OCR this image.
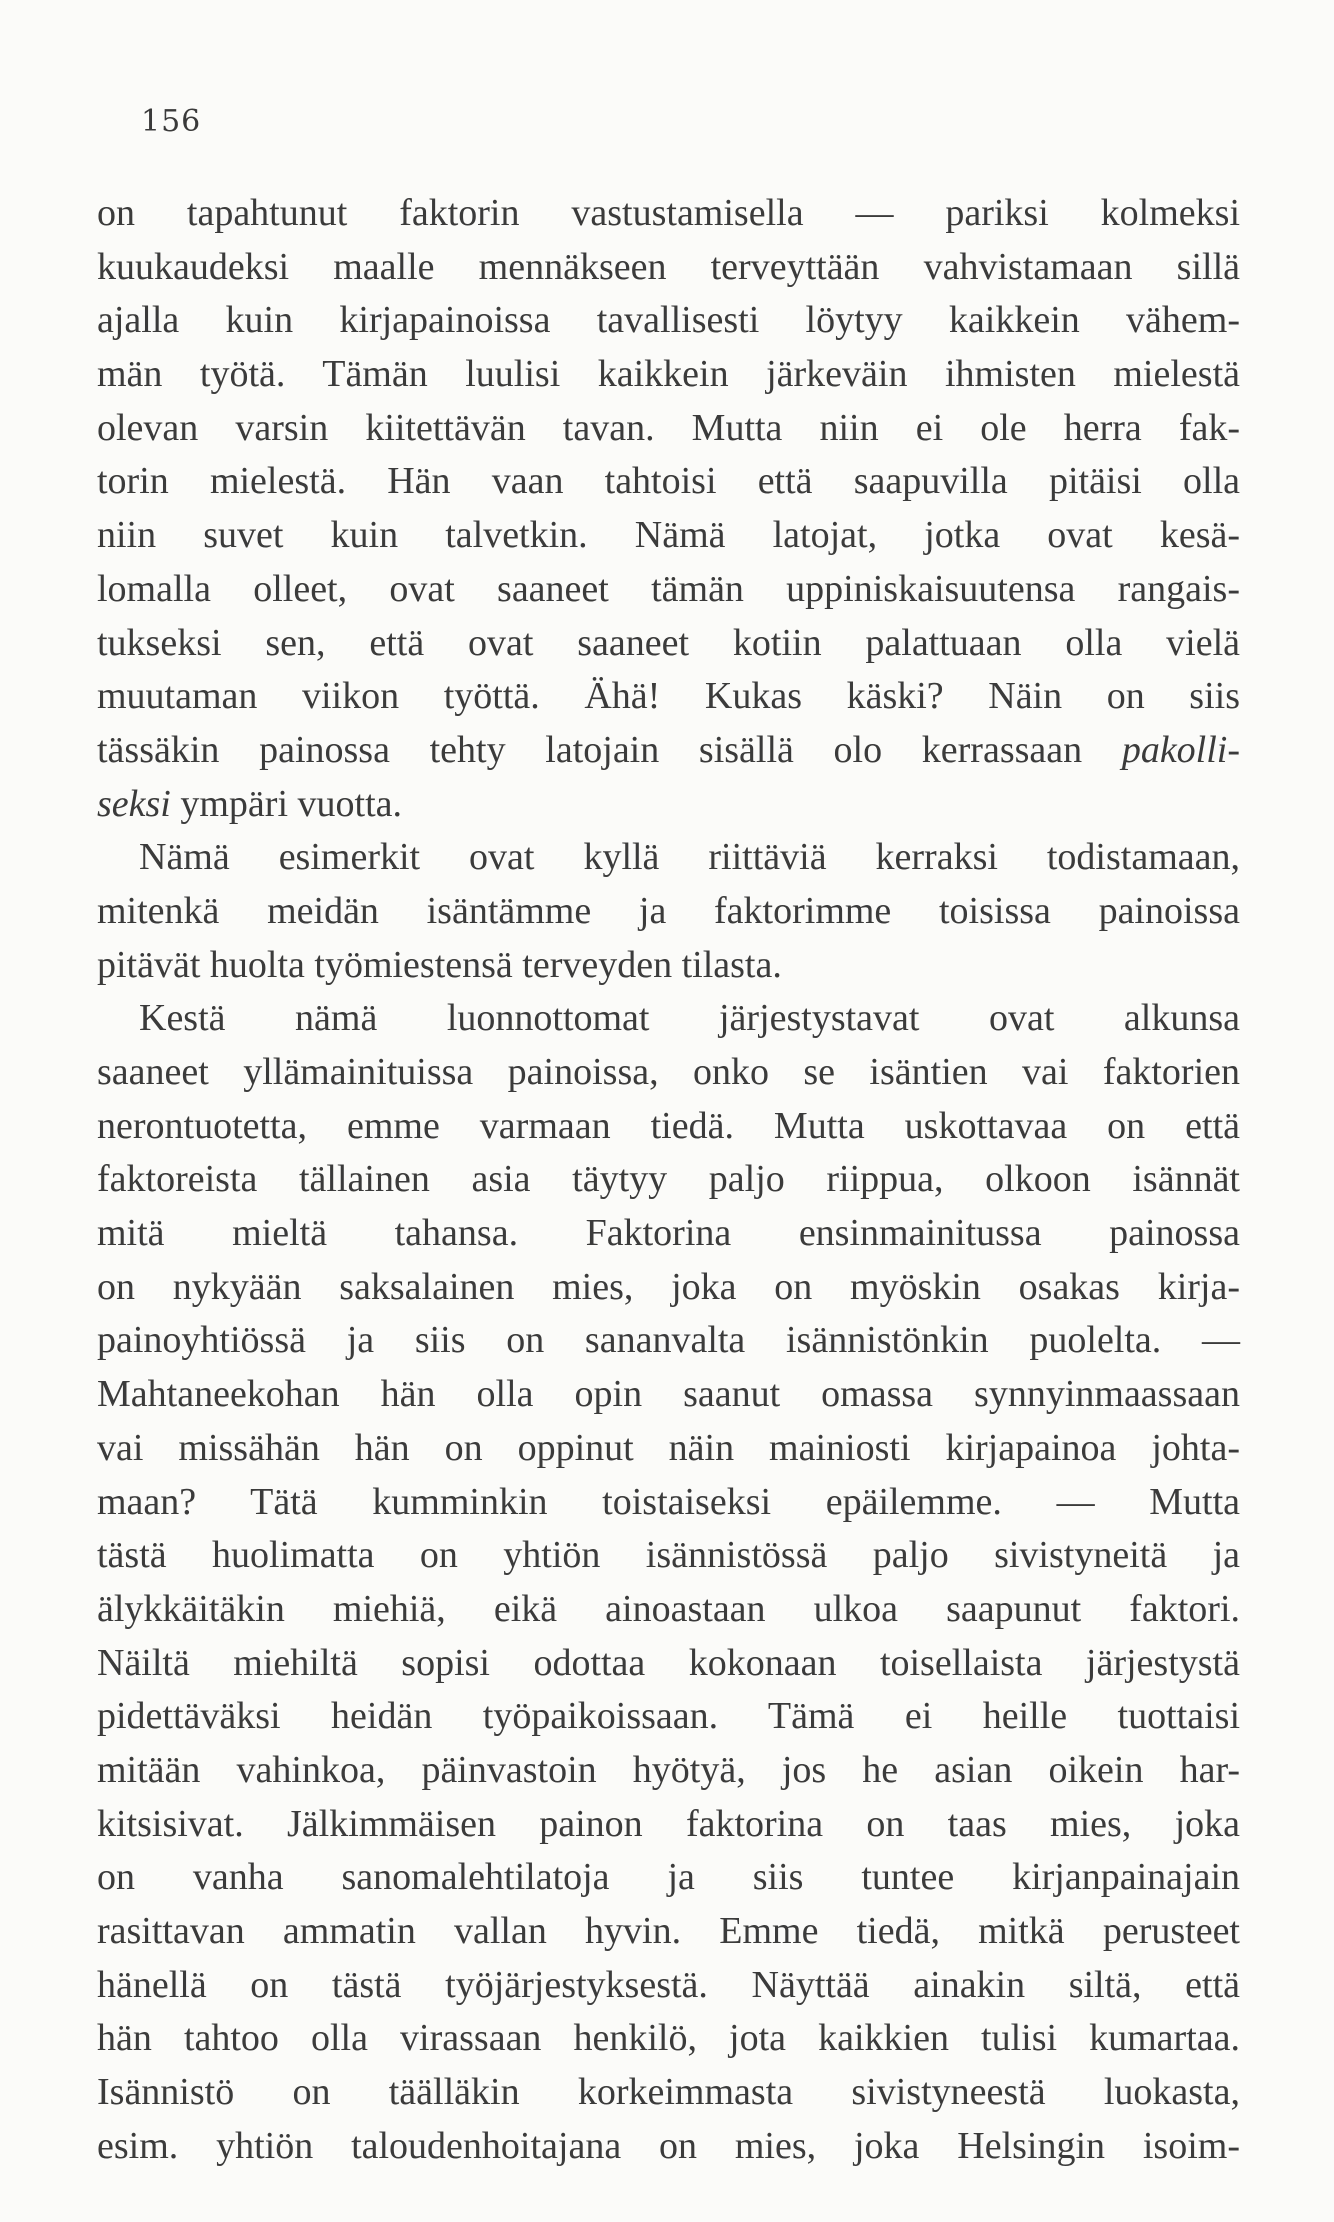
156
on tapahtunut faktorin vastustamisella — pariksi kolmeksi
kuukaudeksi maalle mennäkseen terveyttään vahvistamaan sillä
ajalla kuin kirjapainoissa tavallisesti löytyy kaikkein vähem-
män työtä. Tämän luulisi kaikkein järkeväin ihmisten mielestä
olevan varsin kiitettävän tavan. Mutta niin ei ole herra fak-
torin mielestä. Hän vaan tahtoisi että saapuvilla pitäisi olla
niin suvet kuin talvetkin. Nämä latojat, jotka ovat kesä-
lomalla olleet, ovat saaneet tämän uppiniskaisuutensa rangais-
tukseksi sen, että ovat saaneet kotiin palattuaan olla vielä
muutaman viikon työttä. Ähä! Kukas käski? Näin on siis
tässäkin painossa tehty latojain sisällä olo kerrassaan pakolli-
seksi ympäri vuotta.
Nämä esimerkit ovat kyllä riittäviä kerraksi todistamaan,
mitenkä meidän isäntämme ja faktorimme toisissa painoissa
pitävät huolta työmiestensä terveyden tilasta.
Kestä nämä luonnottomat järjestystavat ovat alkunsa
saaneet yllämainituissa painoissa, onko se isäntien vai faktorien
nerontuotetta, emme varmaan tiedä. Mutta uskottavaa on että
faktoreista tällainen asia täytyy paljo riippua, olkoon isännät
mitä mieltä tahansa. Faktorina ensinmainitussa painossa
on nykyään saksalainen mies, joka on myöskin osakas kirja-
painoyhtiössä ja siis on sananvalta isännistönkin puolelta. —
Mahtaneekohan hän olla opin saanut omassa synnyinmaassaan
vai missähän hän on oppinut näin mainiosti kirjapainoa johta-
maan? Tätä kumminkin toistaiseksi epäilemme. — Mutta
tästä huolimatta on yhtiön isännistössä paljo sivistyneitä ja
älykkäitäkin miehiä, eikä ainoastaan ulkoa saapunut faktori.
Näiltä miehiltä sopisi odottaa kokonaan toisellaista järjestystä
pidettäväksi heidän työpaikoissaan. Tämä ei heille tuottaisi
mitään vahinkoa, päinvastoin hyötyä, jos he asian oikein har-
kitsisivat. Jälkimmäisen painon faktorina on taas mies, joka
on vanha sanomalehtilatoja ja siis tuntee kirjanpainajain
rasittavan ammatin vallan hyvin. Emme tiedä, mitkä perusteet
hänellä on tästä työjärjestyksestä. Näyttää ainakin siltä, että
hän tahtoo olla virassaan henkilö, jota kaikkien tulisi kumartaa.
Isännistö on täälläkin korkeimmasta sivistyneestä luokasta,
esim. yhtiön taloudenhoitajana on mies, joka Helsingin isoim-
